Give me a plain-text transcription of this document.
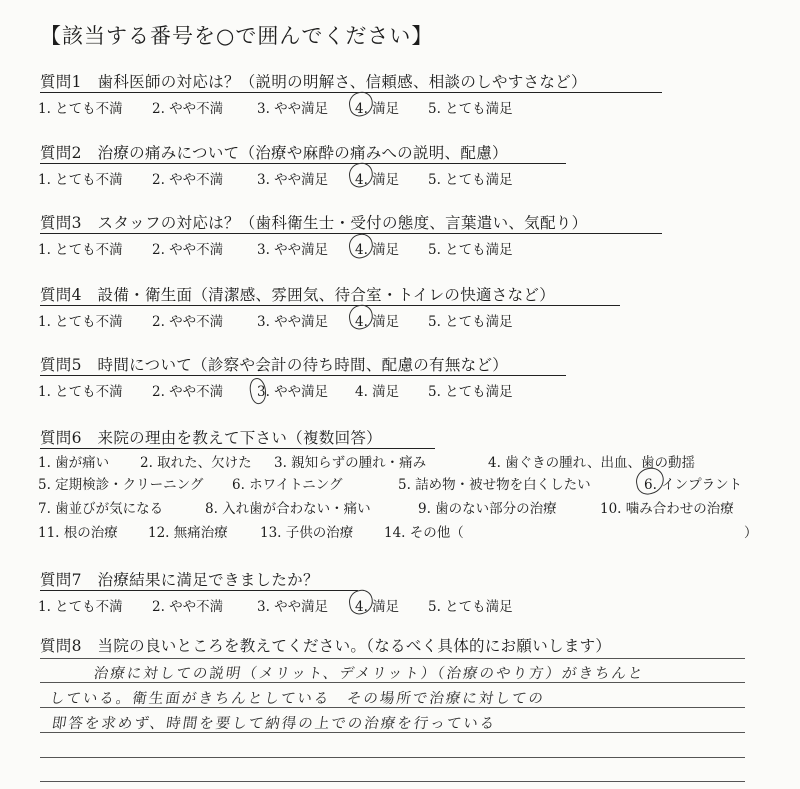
【該当する番号を○で囲んでください】
質問1　歯科医師の対応は？（説明の明解さ、信頼感、相談のしやすさなど）
1. とても不満 2. やや不満	3. やや満足 4. 満足 5. とても満足
質問2　治療の痛みについて（治療や麻酔の痛みへの説明、配慮）
1. とても不満 2. やや不満	3. やや満足 4. 満足 5. とても満足
質問3　スタッフの対応は？（歯科衛生士・受付の態度、言葉遣い、気配り）
1. とても不満 2. やや不満	3. やや満足 4. 満足 5. とても満足
質問4　設備・衛生面（清潔感、雰囲気、待合室・トイレの快適さなど）
1. とても不満 2. やや不満	3. やや満足 4. 満足 5. とても満足
質問5　時間について（診察や会計の待ち時間、配慮の有無など）
1. とても不満 2. やや不満	3. やや満足 4. 満足 5. とても満足
質問6　来院の理由を教えて下さい（複数回答）
1. 歯が痛い 2. 取れた、欠けた 3. 親知らずの腫れ・痛み	4. 歯ぐきの腫れ、出血、歯の動揺
5. 定期検診・クリーニング 6. ホワイトニング	5. 詰め物・被せ物を白くしたい	6. インプラント
7. 歯並びが気になる	8. 入れ歯が合わない・痛い	9. 歯のない部分の治療	10. 噛み合わせの治療
11. 根の治療 12. 無痛治療 13. 子供の治療 14. その他（	）
質問7　治療結果に満足できましたか？
1. とても不満 2. やや不満	3. やや満足 4. 満足 5. とても満足
質問8　当院の良いところを教えてください。（なるべく具体的にお願いします）
治療に対しての説明（メリット、デメリット）（治療のやり方）がきちんと
している。衛生面がきちんとしている　その場所で治療に対しての
即答を求めず、時間を要して納得の上での治療を行っている
